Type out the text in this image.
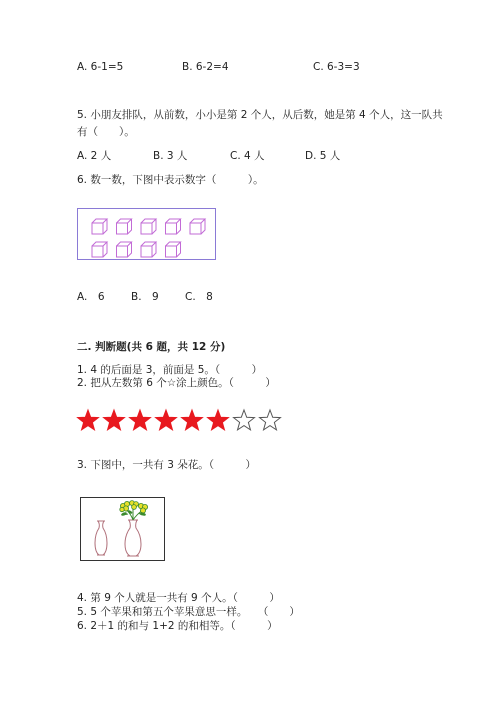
A. 6-1=5	B. 6-2=4	C. 6-3=3
5. 小朋友排队，从前数，小小是第 2 个人，从后数，她是第 4 个人，这一队共
有（　　）。
A. 2 人	B. 3 人	C. 4 人	D. 5 人
6. 数一数，下图中表示数字（　　　）。
A.　6	B.　9	C.　8
二. 判断题(共 6 题，共 12 分)
1. 4 的后面是 3，前面是 5。（　　　）
2. 把从左数第 6 个☆涂上颜色。（　　　）
3. 下图中，一共有 3 朵花。（　　　）
4. 第 9 个人就是一共有 9 个人。（　　　）
5. 5 个苹果和第五个苹果意思一样。　　（　　）
6. 2＋1 的和与 1+2 的和相等。（　　　）
